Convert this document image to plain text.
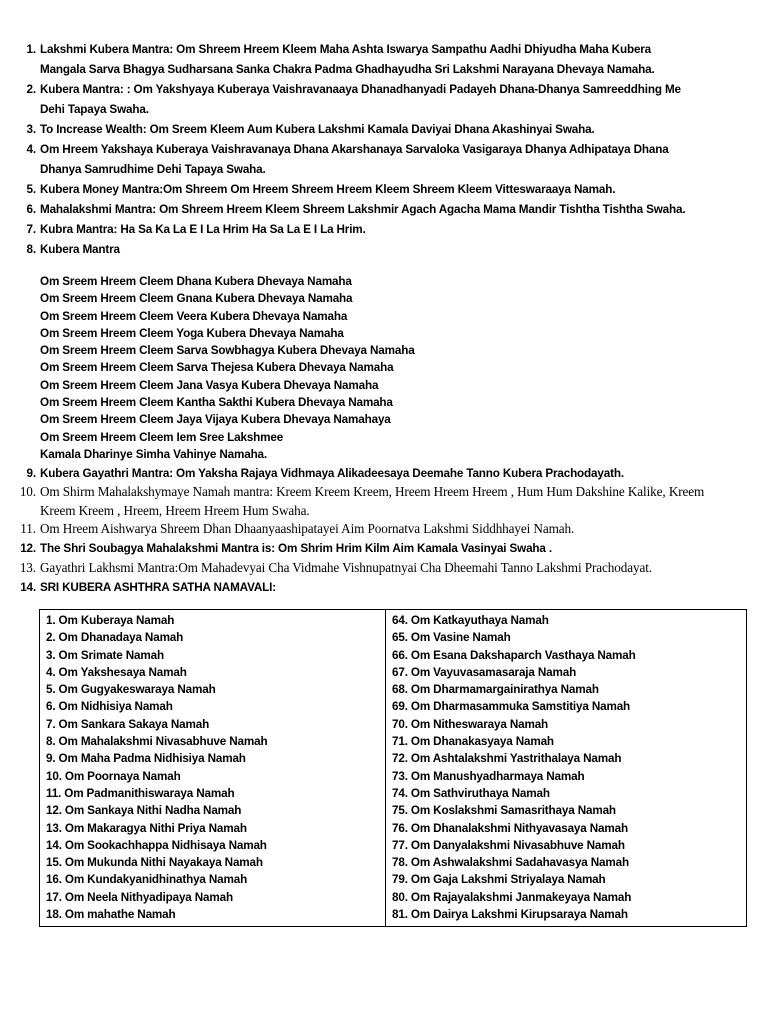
1. Lakshmi Kubera Mantra: Om Shreem Hreem Kleem Maha Ashta Iswarya Sampathu Aadhi Dhiyudha Maha Kubera
Mangala Sarva Bhagya Sudharsana Sanka Chakra Padma Ghadhayudha Sri Lakshmi Narayana Dhevaya Namaha.
2. Kubera Mantra: : Om Yakshyaya Kuberaya Vaishravanaaya Dhanadhanyadi Padayeh Dhana-Dhanya Samreeddhing Me
Dehi Tapaya Swaha.
3. To Increase Wealth: Om Sreem Kleem Aum Kubera Lakshmi Kamala Daviyai Dhana Akashinyai Swaha.
4. Om Hreem Yakshaya Kuberaya Vaishravanaya Dhana Akarshanaya Sarvaloka Vasigaraya Dhanya Adhipataya Dhana
Dhanya Samrudhime Dehi Tapaya Swaha.
5. Kubera Money Mantra:Om Shreem Om Hreem Shreem Hreem Kleem Shreem Kleem Vitteswaraaya Namah.
6. Mahalakshmi Mantra: Om Shreem Hreem Kleem Shreem Lakshmir Agach Agacha Mama Mandir Tishtha Tishtha Swaha.
7. Kubra Mantra: Ha Sa Ka La E I La Hrim Ha Sa La E I La Hrim.
8. Kubera Mantra
9. Kubera Gayathri Mantra: Om Yaksha Rajaya Vidhmaya Alikadeesaya Deemahe Tanno Kubera Prachodayath.
10. Om Shirm Mahalakshymaye Namah mantra: Kreem Kreem Kreem, Hreem Hreem Hreem , Hum Hum Dakshine Kalike, Kreem
Kreem Kreem , Hreem, Hreem Hreem Hum Swaha.
11. Om Hreem Aishwarya Shreem Dhan Dhaanyaashipatayei Aim Poornatva Lakshmi Siddhhayei Namah.
12. The Shri Soubagya Mahalakshmi Mantra is: Om Shrim Hrim Kilm Aim Kamala Vasinyai Swaha .
13. Gayathri Lakhsmi Mantra:Om Mahadevyai Cha Vidmahe Vishnupatnyai Cha Dheemahi Tanno Lakshmi Prachodayat.
14. SRI KUBERA ASHTHRA SATHA NAMAVALI:
Om Sreem Hreem Cleem Dhana Kubera Dhevaya Namaha
Om Sreem Hreem Cleem Gnana Kubera Dhevaya Namaha
Om Sreem Hreem Cleem Veera Kubera Dhevaya Namaha
Om Sreem Hreem Cleem Yoga Kubera Dhevaya Namaha
Om Sreem Hreem Cleem Sarva Sowbhagya Kubera Dhevaya Namaha
Om Sreem Hreem Cleem Sarva Thejesa Kubera Dhevaya Namaha
Om Sreem Hreem Cleem Jana Vasya Kubera Dhevaya Namaha
Om Sreem Hreem Cleem Kantha Sakthi Kubera Dhevaya Namaha
Om Sreem Hreem Cleem Jaya Vijaya Kubera Dhevaya Namahaya
Om Sreem Hreem Cleem Iem Sree Lakshmee
Kamala Dharinye Simha Vahinye Namaha.
1. Om Kuberaya Namah	64. Om Katkayuthaya Namah
2. Om Dhanadaya Namah	65. Om Vasine Namah
3. Om Srimate Namah	66. Om Esana Dakshaparch Vasthaya Namah
4. Om Yakshesaya Namah	67. Om Vayuvasamasaraja Namah
5. Om Gugyakeswaraya Namah	68. Om Dharmamargainirathya Namah
6. Om Nidhisiya Namah	69. Om Dharmasammuka Samstitiya Namah
7. Om Sankara Sakaya Namah	70. Om Nitheswaraya Namah
8. Om Mahalakshmi Nivasabhuve Namah	71. Om Dhanakasyaya Namah
9. Om Maha Padma Nidhisiya Namah	72. Om Ashtalakshmi Yastrithalaya Namah
10. Om Poornaya Namah	73. Om Manushyadharmaya Namah
11. Om Padmanithiswaraya Namah	74. Om Sathviruthaya Namah
12. Om Sankaya Nithi Nadha Namah	75. Om Koslakshmi Samasrithaya Namah
13. Om Makaragya Nithi Priya Namah	76. Om Dhanalakshmi Nithyavasaya Namah
14. Om Sookachhappa Nidhisaya Namah	77. Om Danyalakshmi Nivasabhuve Namah
15. Om Mukunda Nithi Nayakaya Namah	78. Om Ashwalakshmi Sadahavasya Namah
16. Om Kundakyanidhinathya Namah	79. Om Gaja Lakshmi Striyalaya Namah
17. Om Neela Nithyadipaya Namah	80. Om Rajayalakshmi Janmakeyaya Namah
18. Om mahathe Namah	81. Om Dairya Lakshmi Kirupsaraya Namah
